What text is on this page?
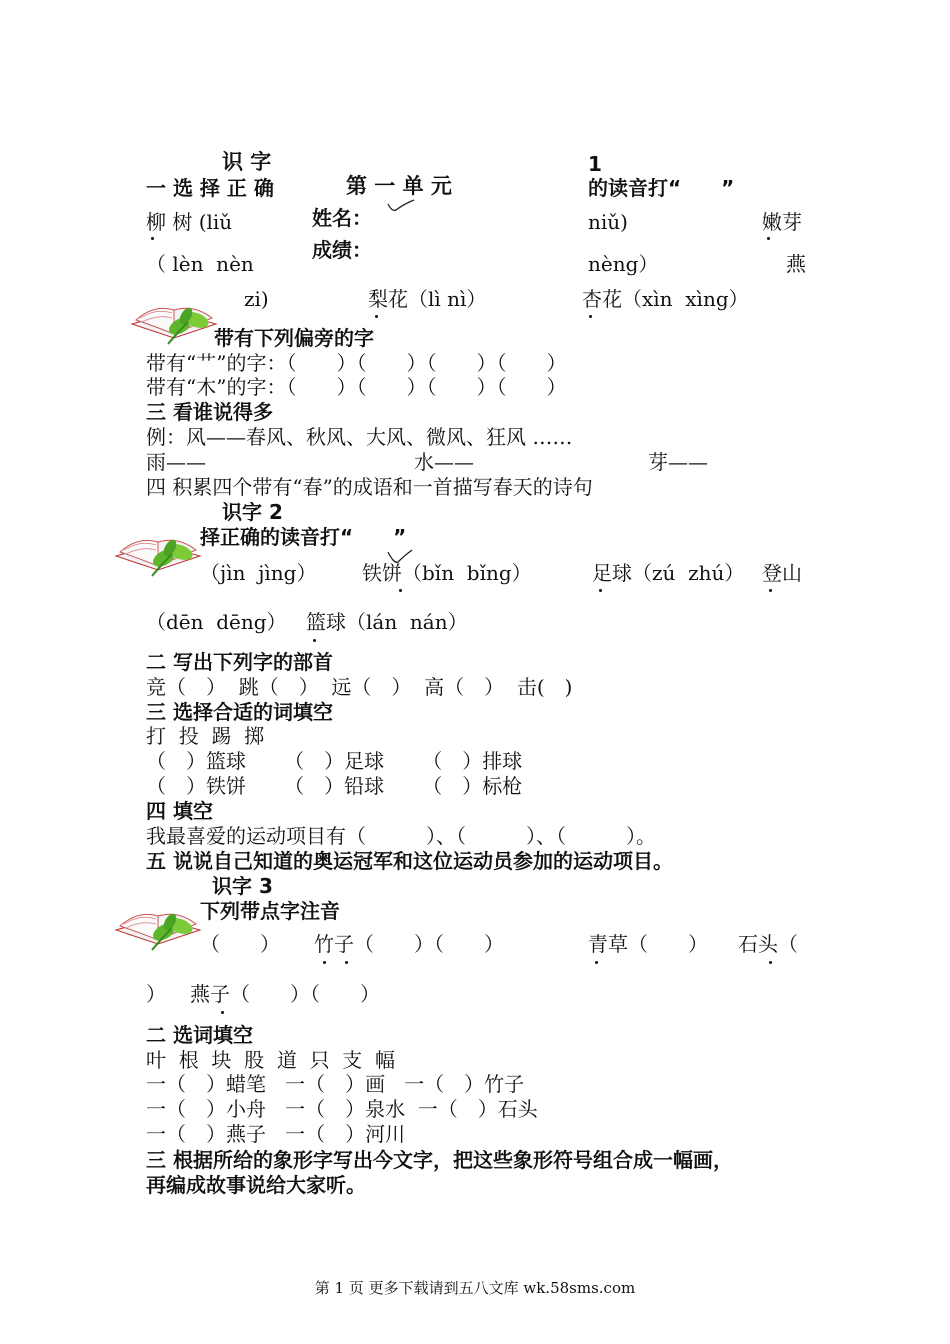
识 字	1
第 一 单 元
姓名：
成绩：
一 选 择 正 确	的读音打“　　”
柳 树 (liǔ	niǔ)	嫩芽
（ lèn  nèn	nèng）	燕
zi)	梨花（lì nì）	杏花（xìn  xìng）
带有下列偏旁的字
带有“艹”的字：（　　）（　　）（　　）（　　）
带有“木”的字：（　　）（　　）（　　）（　　）
三 看谁说得多
例：风——春风、秋风、大风、微风、狂风 ……
雨——	水——	芽——
四 积累四个带有“春”的成语和一首描写春天的诗句
识字 2
择正确的读音打“　　”
（jìn  jìng） 铁饼（bǐn  bǐng）	足球（zú  zhú） 登山
（dēn  dēng） 篮球（lán  nán）
二 写出下列字的部首
竞（　）  跳（　）  远（　）  高（　）  击(　)
三 选择合适的词填空
打  投  踢  掷
（　）篮球      （　）足球      （　）排球
（　）铁饼      （　）铅球      （　）标枪
四 填空
我最喜爱的运动项目有（　　　）、（　　　）、（　　　）。
五 说说自己知道的奥运冠军和这位运动员参加的运动项目。
识字 3
下列带点字注音
（　　） 竹子（　　）（　　）	青草（　　） 石头（
） 燕子（　　）（　　）
二 选词填空
叶  根  块  股  道  只  支  幅
一（　）蜡笔   一（　）画   一（　）竹子
一（　）小舟   一（　）泉水  一（　）石头
一（　）燕子   一（　）河川
三 根据所给的象形字写出今文字，把这些象形符号组合成一幅画，
再编成故事说给大家听。
第 1 页 更多下载请到五八文库 wk.58sms.com
